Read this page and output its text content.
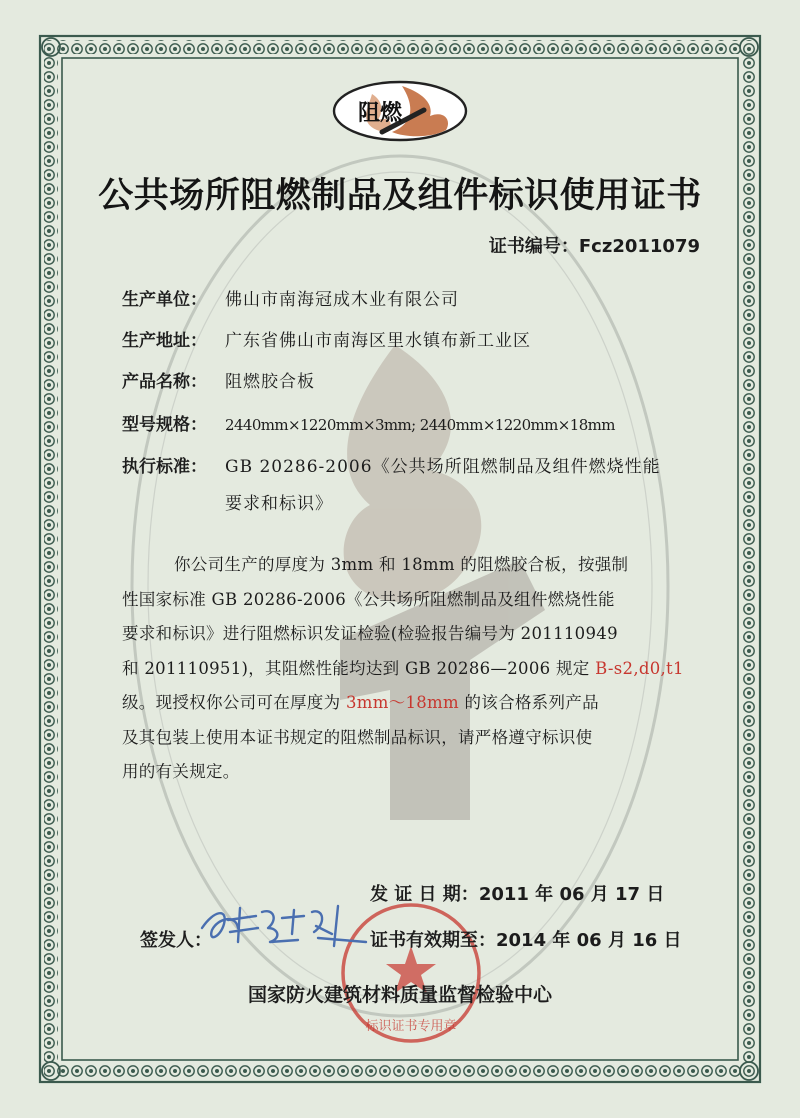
阻燃
公共场所阻燃制品及组件标识使用证书
证书编号：Fcz2011079
生产单位： 佛山市南海冠成木业有限公司
生产地址： 广东省佛山市南海区里水镇布新工业区
产品名称： 阻燃胶合板
型号规格： 2440mm×1220mm×3mm; 2440mm×1220mm×18mm
执行标准： GB 20286-2006《公共场所阻燃制品及组件燃烧性能
要求和标识》

你公司生产的厚度为 3mm 和 18mm 的阻燃胶合板，按强制

性国家标准 GB 20286-2006《公共场所阻燃制品及组件燃烧性能

要求和标识》进行阻燃标识发证检验(检验报告编号为 201110949

和 201110951)，其阻燃性能均达到 GB 20286—2006 规定 B-s2,d0,t1

级。现授权你公司可在厚度为 3mm～18mm 的该合格系列产品

及其包装上使用本证书规定的阻燃制品标识，请严格遵守标识使

用的有关规定。

发 证 日 期：2011 年 06 月 17 日
标识证书专用章
签发人：	证书有效期至：2014 年 06 月 16 日
国家防火建筑材料质量监督检验中心
